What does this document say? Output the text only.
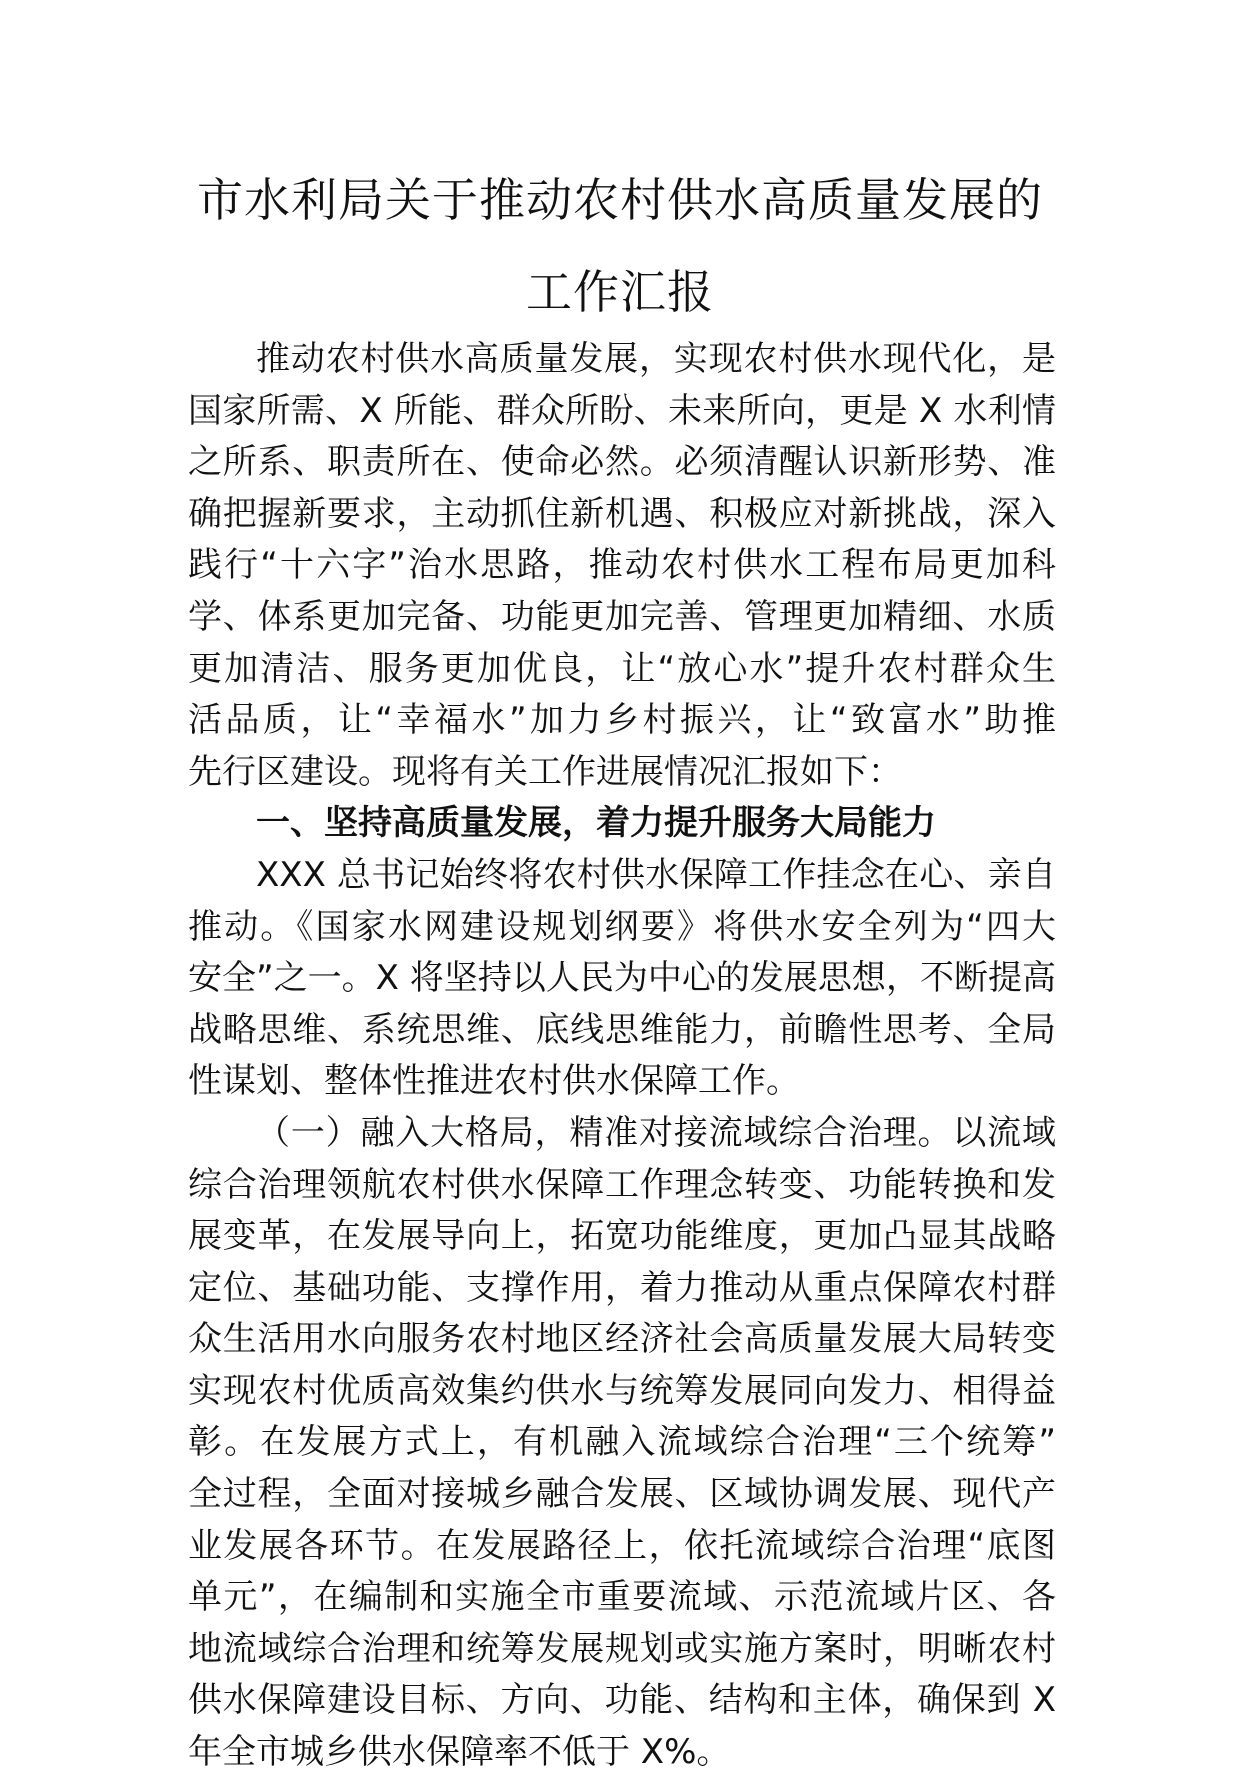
市水利局关于推动农村供水高质量发展的
工作汇报
推动农村供水高质量发展，实现农村供水现代化，是
国家所需、X 所能、群众所盼、未来所向，更是 X 水利情
之所系、职责所在、使命必然。必须清醒认识新形势、准
确把握新要求，主动抓住新机遇、积极应对新挑战，深入
践行“十六字”治水思路，推动农村供水工程布局更加科
学、体系更加完备、功能更加完善、管理更加精细、水质
更加清洁、服务更加优良，让“放心水”提升农村群众生
活品质，让“幸福水”加力乡村振兴，让“致富水”助推
先行区建设。现将有关工作进展情况汇报如下：
一、坚持高质量发展，着力提升服务大局能力
XXX 总书记始终将农村供水保障工作挂念在心、亲自
推动。《国家水网建设规划纲要》将供水安全列为“四大
安全”之一。X 将坚持以人民为中心的发展思想，不断提高
战略思维、系统思维、底线思维能力，前瞻性思考、全局
性谋划、整体性推进农村供水保障工作。
（一）融入大格局，精准对接流域综合治理。以流域
综合治理领航农村供水保障工作理念转变、功能转换和发
展变革，在发展导向上，拓宽功能维度，更加凸显其战略
定位、基础功能、支撑作用，着力推动从重点保障农村群
众生活用水向服务农村地区经济社会高质量发展大局转变
实现农村优质高效集约供水与统筹发展同向发力、相得益
彰。在发展方式上，有机融入流域综合治理“三个统筹”
全过程，全面对接城乡融合发展、区域协调发展、现代产
业发展各环节。在发展路径上，依托流域综合治理“底图
单元”，在编制和实施全市重要流域、示范流域片区、各
地流域综合治理和统筹发展规划或实施方案时，明晰农村
供水保障建设目标、方向、功能、结构和主体，确保到 X
年全市城乡供水保障率不低于 X%。
